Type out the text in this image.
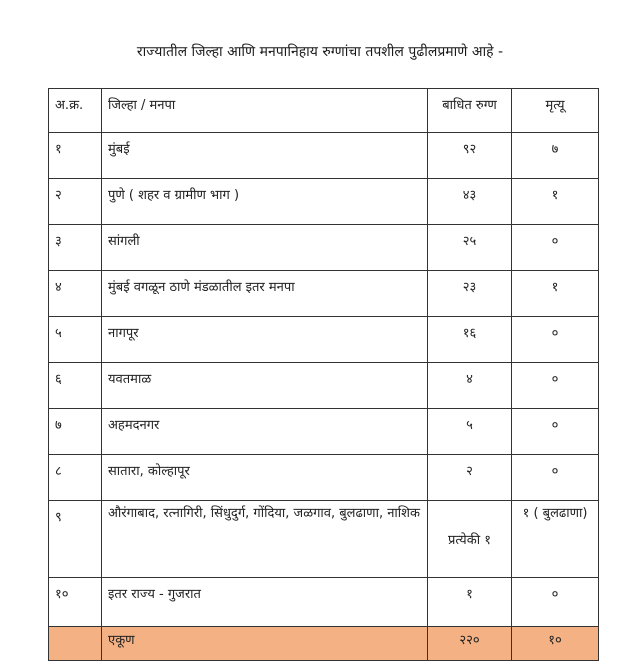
राज्यातील जिल्हा आणि मनपानिहाय रुग्णांचा तपशील पुढीलप्रमाणे आहे -
अ.क्र.	जिल्हा / मनपा	बाधित रुग्ण	मृत्यू
१	मुंबई	९२	७
२	पुणे ( शहर व ग्रामीण भाग )	४३	१
३	सांगली	२५	०
४	मुंबई वगळून ठाणे मंडळातील इतर मनपा	२३	१
५	नागपूर	१६	०
६	यवतमाळ	४	०
७	अहमदनगर	५	०
८	सातारा, कोल्हापूर	२	०
९	औरंगाबाद, रत्नागिरी, सिंधुदुर्ग, गोंदिया, जळगाव, बुलढाणा, नाशिक	प्रत्येकी १	१ ( बुलढाणा)
१०	इतर राज्य - गुजरात	१	०
	एकूण	२२०	१०
